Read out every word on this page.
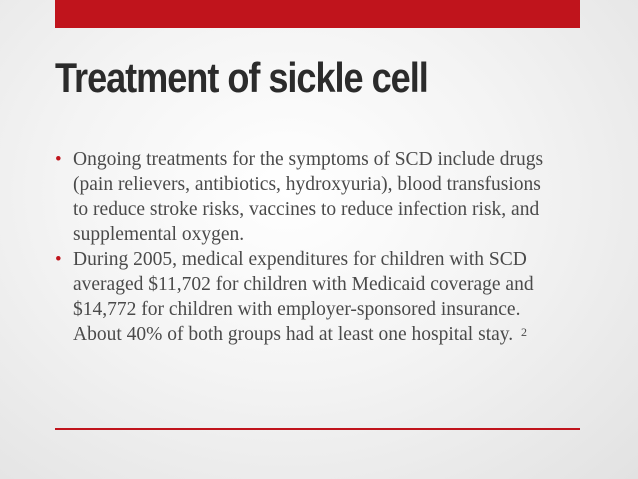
Treatment of sickle cell
• Ongoing treatments for the symptoms of SCD include drugs (pain relievers, antibiotics, hydroxyuria), blood transfusions to reduce stroke risks, vaccines to reduce infection risk, and supplemental oxygen.
• During 2005, medical expenditures for children with SCD averaged $11,702 for children with Medicaid coverage and $14,772 for children with employer-sponsored insurance. About 40% of both groups had at least one hospital stay.  $^2$
